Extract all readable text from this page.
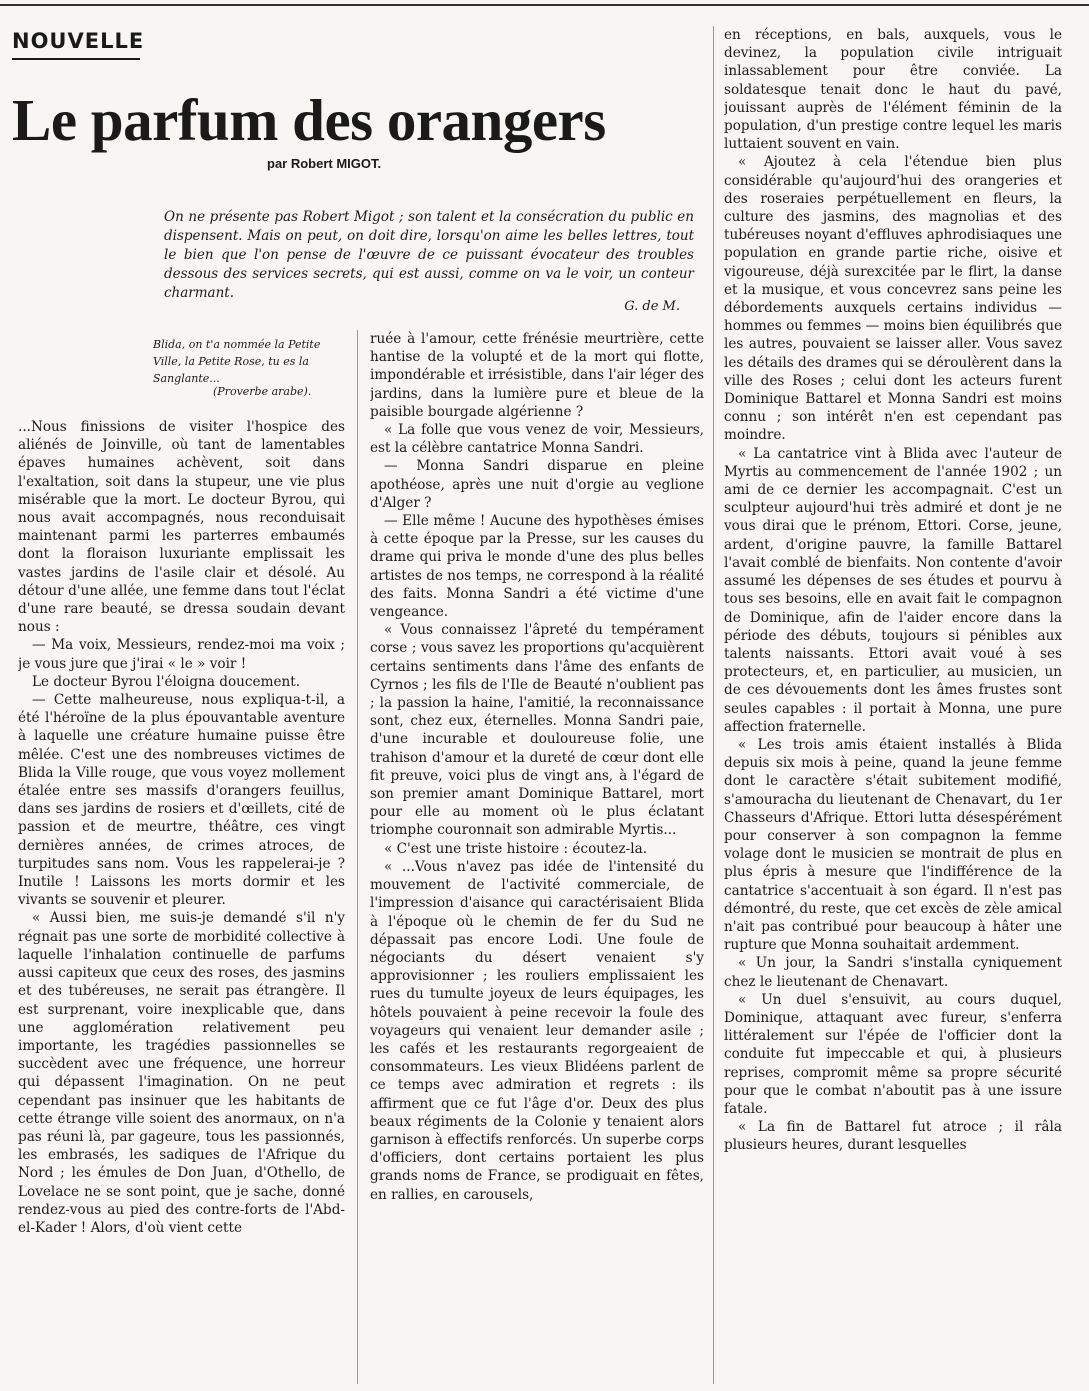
NOUVELLE
Le parfum des orangers
par Robert MIGOT.

On ne présente pas Robert Migot ; son talent et la consécration du public en dispensent. Mais on peut, on doit dire, lorsqu'on aime les belles lettres, tout le bien que l'on pense de l'œuvre de ce puissant évocateur des troubles dessous des services secrets, qui est aussi, comme on va le voir, un conteur charmant.

G. de M.

Blida, on t'a nommée la Petite Ville, la Petite Rose, tu es la Sanglante...

(Proverbe arabe).

...Nous finissions de visiter l'hospice des aliénés de Joinville, où tant de lamentables épaves humaines achèvent, soit dans l'exaltation, soit dans la stupeur, une vie plus misérable que la mort. Le docteur Byrou, qui nous avait accompagnés, nous reconduisait maintenant parmi les parterres embaumés dont la floraison luxuriante emplissait les vastes jardins de l'asile clair et désolé. Au détour d'une allée, une femme dans tout l'éclat d'une rare beauté, se dressa soudain devant nous :

— Ma voix, Messieurs, rendez-moi ma voix ; je vous jure que j'irai « le » voir !

Le docteur Byrou l'éloigna doucement.

— Cette malheureuse, nous expliqua-t-il, a été l'héroïne de la plus épouvantable aventure à laquelle une créature humaine puisse être mêlée. C'est une des nombreuses victimes de Blida la Ville rouge, que vous voyez mollement étalée entre ses massifs d'orangers feuillus, dans ses jardins de rosiers et d'œillets, cité de passion et de meurtre, théâtre, ces vingt dernières années, de crimes atroces, de turpitudes sans nom. Vous les rappelerai-je ? Inutile ! Laissons les morts dormir et les vivants se souvenir et pleurer.

« Aussi bien, me suis-je demandé s'il n'y régnait pas une sorte de morbidité collective à laquelle l'inhalation continuelle de parfums aussi capiteux que ceux des roses, des jasmins et des tubéreuses, ne serait pas étrangère. Il est surprenant, voire inexplicable que, dans une agglomération relativement peu importante, les tragédies passionnelles se succèdent avec une fréquence, une horreur qui dépassent l'imagination. On ne peut cependant pas insinuer que les habitants de cette étrange ville soient des anormaux, on n'a pas réuni là, par gageure, tous les passionnés, les embrasés, les sadiques de l'Afrique du Nord ; les émules de Don Juan, d'Othello, de Lovelace ne se sont point, que je sache, donné rendez-vous au pied des contre-forts de l'Abd-el-Kader ! Alors, d'où vient cette

ruée à l'amour, cette frénésie meurtrière, cette hantise de la volupté et de la mort qui flotte, impondérable et irrésistible, dans l'air léger des jardins, dans la lumière pure et bleue de la paisible bourgade algérienne ?

« La folle que vous venez de voir, Messieurs, est la célèbre cantatrice Monna Sandri.

— Monna Sandri disparue en pleine apothéose, après une nuit d'orgie au veglione d'Alger ?

— Elle même ! Aucune des hypothèses émises à cette époque par la Presse, sur les causes du drame qui priva le monde d'une des plus belles artistes de nos temps, ne correspond à la réalité des faits. Monna Sandri a été victime d'une vengeance.

« Vous connaissez l'âpreté du tempérament corse ; vous savez les proportions qu'acquièrent certains sentiments dans l'âme des enfants de Cyrnos ; les fils de l'Ile de Beauté n'oublient pas ; la passion la haine, l'amitié, la reconnaissance sont, chez eux, éternelles. Monna Sandri paie, d'une incurable et douloureuse folie, une trahison d'amour et la dureté de cœur dont elle fit preuve, voici plus de vingt ans, à l'égard de son premier amant Dominique Battarel, mort pour elle au moment où le plus éclatant triomphe couronnait son admirable Myrtis...

« C'est une triste histoire : écoutez-la.

« ...Vous n'avez pas idée de l'intensité du mouvement de l'activité commerciale, de l'impression d'aisance qui caractérisaient Blida à l'époque où le chemin de fer du Sud ne dépassait pas encore Lodi. Une foule de négociants du désert venaient s'y approvisionner ; les rouliers emplissaient les rues du tumulte joyeux de leurs équipages, les hôtels pouvaient à peine recevoir la foule des voyageurs qui venaient leur demander asile ; les cafés et les restaurants regorgeaient de consommateurs. Les vieux Blidéens parlent de ce temps avec admiration et regrets : ils affirment que ce fut l'âge d'or. Deux des plus beaux régiments de la Colonie y tenaient alors garnison à effectifs renforcés. Un superbe corps d'officiers, dont certains portaient les plus grands noms de France, se prodiguait en fêtes, en rallies, en carousels,

en réceptions, en bals, auxquels, vous le devinez, la population civile intriguait inlassablement pour être conviée. La soldatesque tenait donc le haut du pavé, jouissant auprès de l'élément féminin de la population, d'un prestige contre lequel les maris luttaient souvent en vain.

« Ajoutez à cela l'étendue bien plus considérable qu'aujourd'hui des orangeries et des roseraies perpétuellement en fleurs, la culture des jasmins, des magnolias et des tubéreuses noyant d'effluves aphrodisiaques une population en grande partie riche, oisive et vigoureuse, déjà surexcitée par le flirt, la danse et la musique, et vous concevrez sans peine les débordements auxquels certains individus — hommes ou femmes — moins bien équilibrés que les autres, pouvaient se laisser aller. Vous savez les détails des drames qui se déroulèrent dans la ville des Roses ; celui dont les acteurs furent Dominique Battarel et Monna Sandri est moins connu ; son intérêt n'en est cependant pas moindre.

« La cantatrice vint à Blida avec l'auteur de Myrtis au commencement de l'année 1902 ; un ami de ce dernier les accompagnait. C'est un sculpteur aujourd'hui très admiré et dont je ne vous dirai que le prénom, Ettori. Corse, jeune, ardent, d'origine pauvre, la famille Battarel l'avait comblé de bienfaits. Non contente d'avoir assumé les dépenses de ses études et pourvu à tous ses besoins, elle en avait fait le compagnon de Dominique, afin de l'aider encore dans la période des débuts, toujours si pénibles aux talents naissants. Ettori avait voué à ses protecteurs, et, en particulier, au musicien, un de ces dévouements dont les âmes frustes sont seules capables : il portait à Monna, une pure affection fraternelle.

« Les trois amis étaient installés à Blida depuis six mois à peine, quand la jeune femme dont le caractère s'était subitement modifié, s'amouracha du lieutenant de Chenavart, du 1er Chasseurs d'Afrique. Ettori lutta désespérément pour conserver à son compagnon la femme volage dont le musicien se montrait de plus en plus épris à mesure que l'indifférence de la cantatrice s'accentuait à son égard. Il n'est pas démontré, du reste, que cet excès de zèle amical n'ait pas contribué pour beaucoup à hâter une rupture que Monna souhaitait ardemment.

« Un jour, la Sandri s'installa cyniquement chez le lieutenant de Chenavart.

« Un duel s'ensuivit, au cours duquel, Dominique, attaquant avec fureur, s'enferra littéralement sur l'épée de l'officier dont la conduite fut impeccable et qui, à plusieurs reprises, compromit même sa propre sécurité pour que le combat n'aboutit pas à une issure fatale.

« La fin de Battarel fut atroce ; il râla plusieurs heures, durant lesquelles
